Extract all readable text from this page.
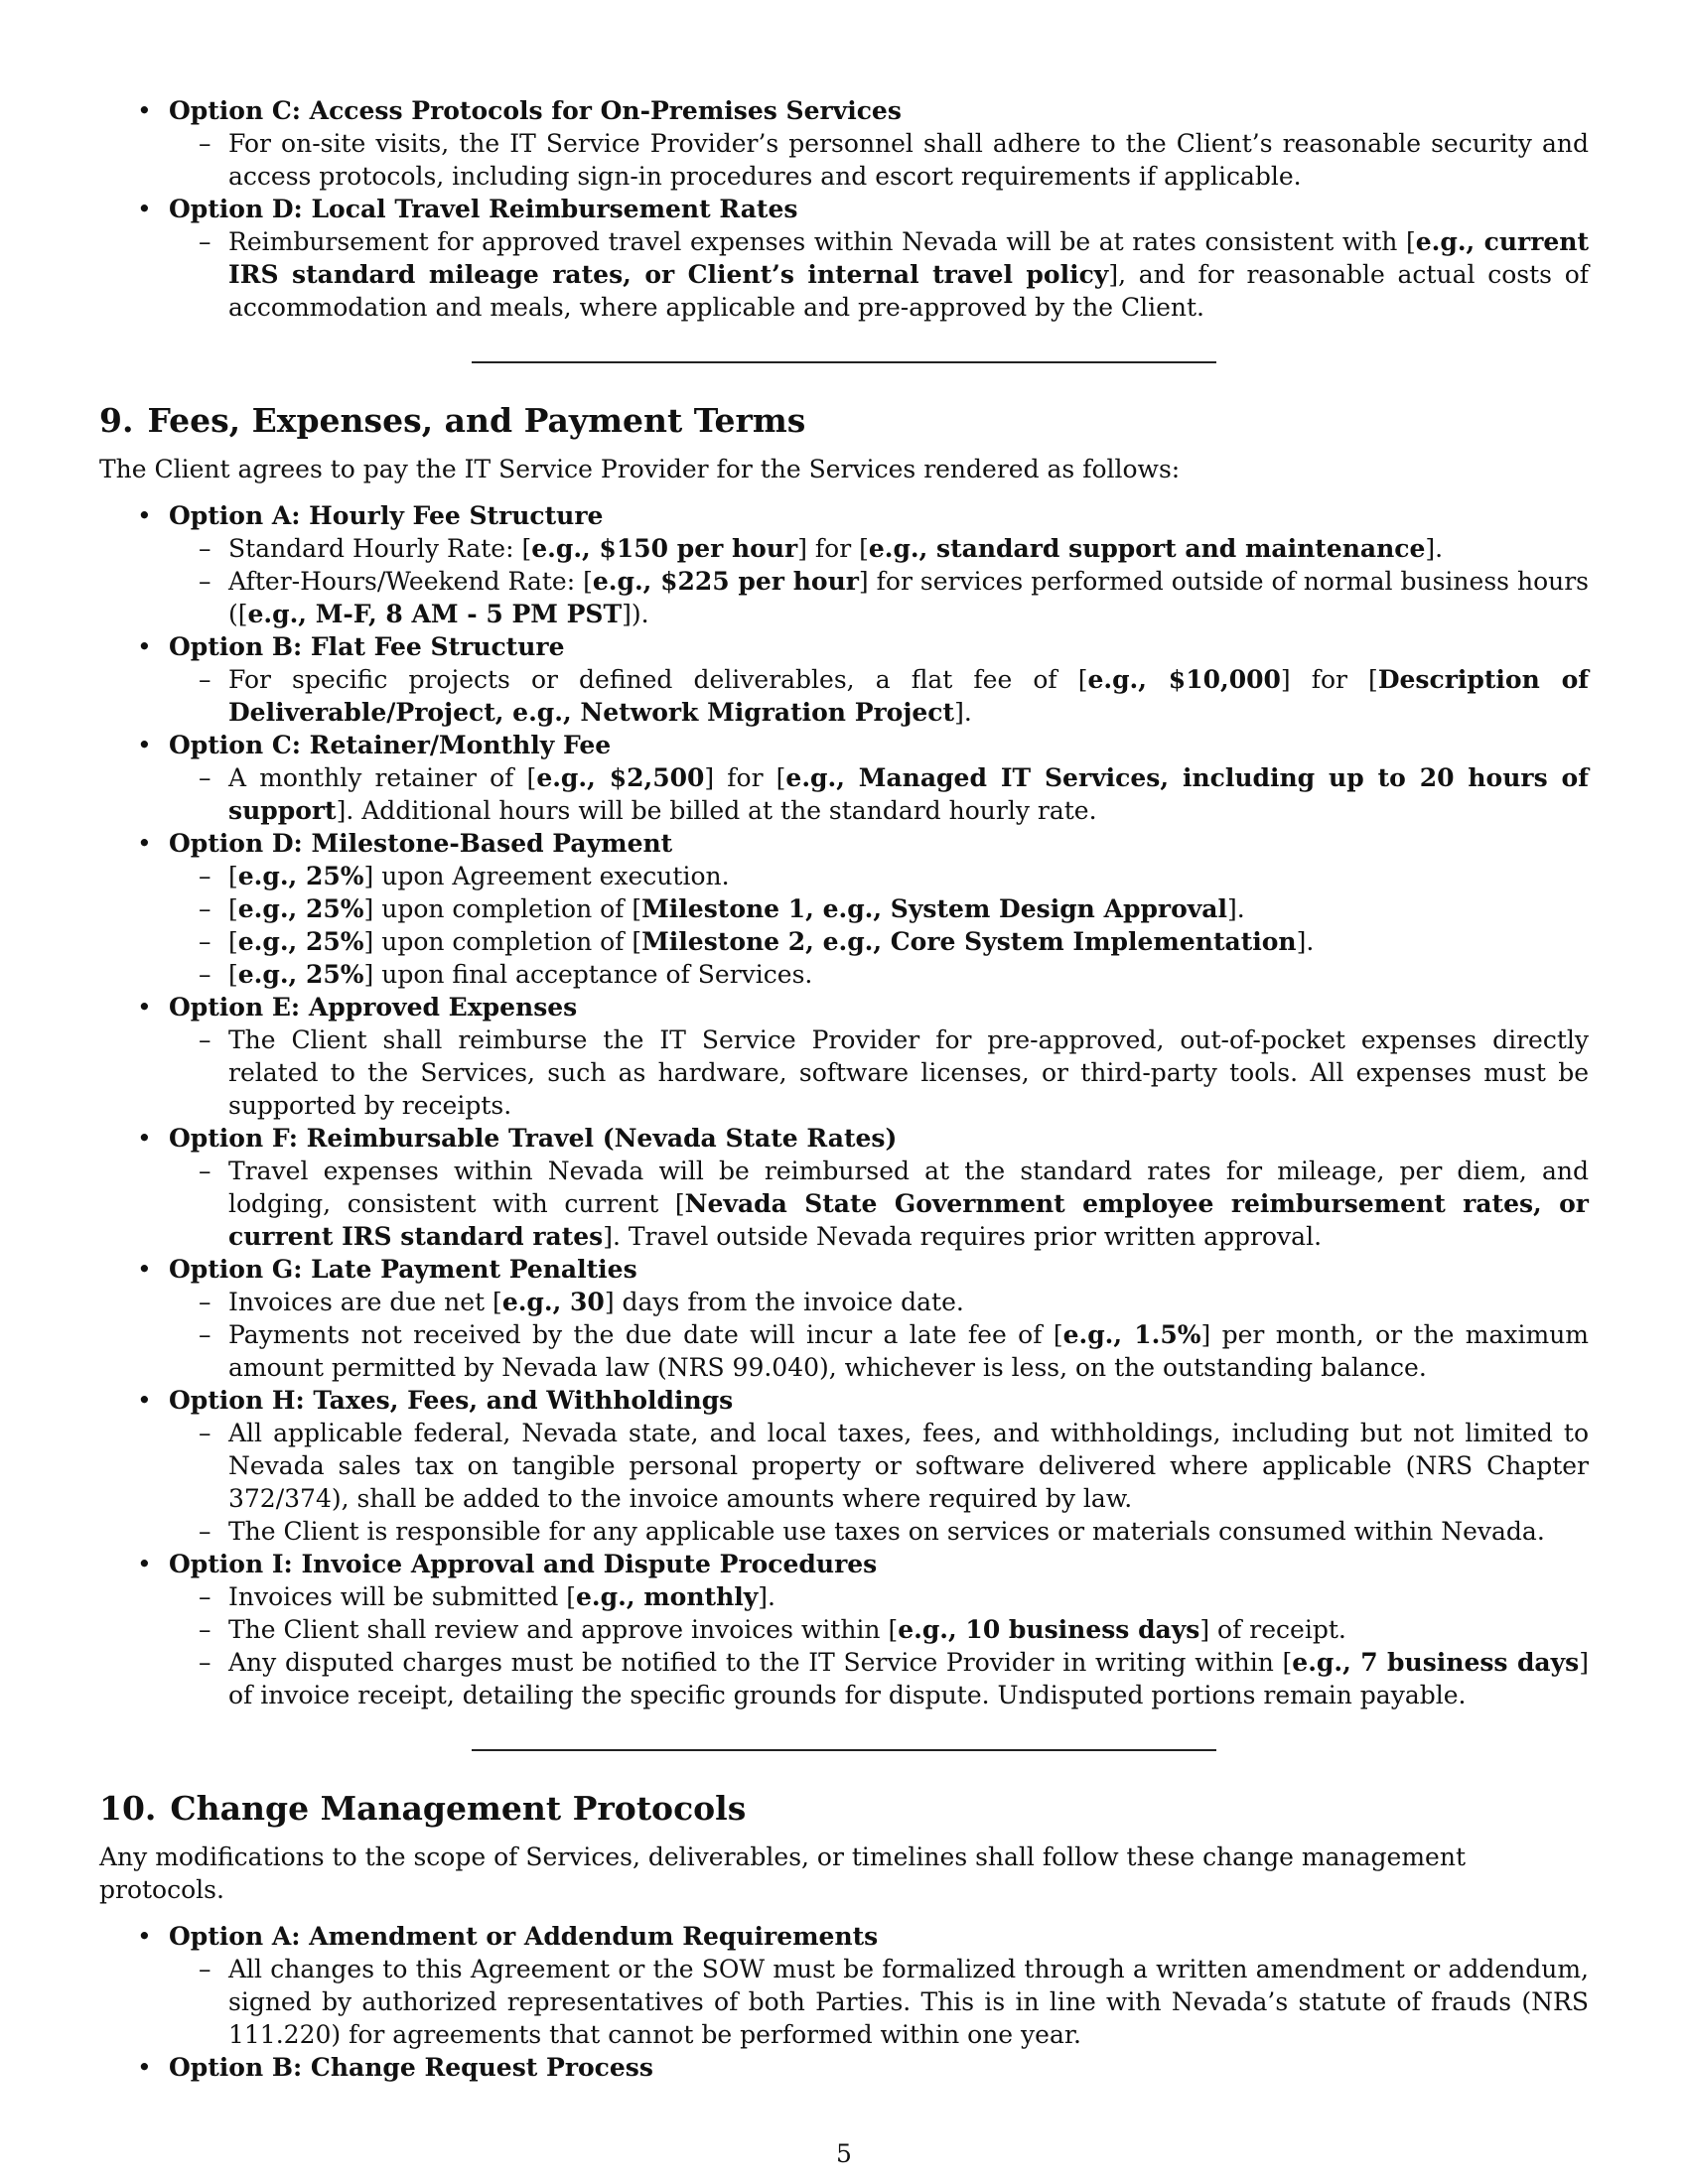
• Option C: Access Protocols for On-Premises Services

– For on-site visits, the IT Service Provider’s personnel shall adhere to the Client’s reasonable security and access protocols, including sign-in procedures and escort requirements if applicable.

• Option D: Local Travel Reimbursement Rates

– Reimbursement for approved travel expenses within Nevada will be at rates consistent with [e.g., current IRS standard mileage rates, or Client’s internal travel policy], and for reasonable actual costs of accommodation and meals, where applicable and pre-approved by the Client.

9. Fees, Expenses, and Payment Terms

The Client agrees to pay the IT Service Provider for the Services rendered as follows:

• Option A: Hourly Fee Structure

– Standard Hourly Rate: [e.g., $150 per hour] for [e.g., standard support and maintenance].

– After-Hours/Weekend Rate: [e.g., $225 per hour] for services performed outside of normal business hours ([e.g., M-F, 8 AM - 5 PM PST]).

• Option B: Flat Fee Structure

– For specific projects or defined deliverables, a flat fee of [e.g., $10,000] for [Description of Deliverable/Project, e.g., Network Migration Project].

• Option C: Retainer/Monthly Fee

– A monthly retainer of [e.g., $2,500] for [e.g., Managed IT Services, including up to 20 hours of support]. Additional hours will be billed at the standard hourly rate.

• Option D: Milestone-Based Payment

– [e.g., 25%] upon Agreement execution.

– [e.g., 25%] upon completion of [Milestone 1, e.g., System Design Approval].

– [e.g., 25%] upon completion of [Milestone 2, e.g., Core System Implementation].

– [e.g., 25%] upon final acceptance of Services.

• Option E: Approved Expenses

– The Client shall reimburse the IT Service Provider for pre-approved, out-of-pocket expenses directly related to the Services, such as hardware, software licenses, or third-party tools. All expenses must be supported by receipts.

• Option F: Reimbursable Travel (Nevada State Rates)

– Travel expenses within Nevada will be reimbursed at the standard rates for mileage, per diem, and lodging, consistent with current [Nevada State Government employee reimbursement rates, or current IRS standard rates]. Travel outside Nevada requires prior written approval.

• Option G: Late Payment Penalties

– Invoices are due net [e.g., 30] days from the invoice date.

– Payments not received by the due date will incur a late fee of [e.g., 1.5%] per month, or the maximum amount permitted by Nevada law (NRS 99.040), whichever is less, on the outstanding balance.

• Option H: Taxes, Fees, and Withholdings

– All applicable federal, Nevada state, and local taxes, fees, and withholdings, including but not limited to Nevada sales tax on tangible personal property or software delivered where applicable (NRS Chapter 372/374), shall be added to the invoice amounts where required by law.

– The Client is responsible for any applicable use taxes on services or materials consumed within Nevada.

• Option I: Invoice Approval and Dispute Procedures

– Invoices will be submitted [e.g., monthly].

– The Client shall review and approve invoices within [e.g., 10 business days] of receipt.

– Any disputed charges must be notified to the IT Service Provider in writing within [e.g., 7 business days] of invoice receipt, detailing the specific grounds for dispute. Undisputed portions remain payable.

10. Change Management Protocols

Any modifications to the scope of Services, deliverables, or timelines shall follow these change management protocols.

• Option A: Amendment or Addendum Requirements

– All changes to this Agreement or the SOW must be formalized through a written amendment or addendum, signed by authorized representatives of both Parties. This is in line with Nevada’s statute of frauds (NRS 111.220) for agreements that cannot be performed within one year.

• Option B: Change Request Process

5
